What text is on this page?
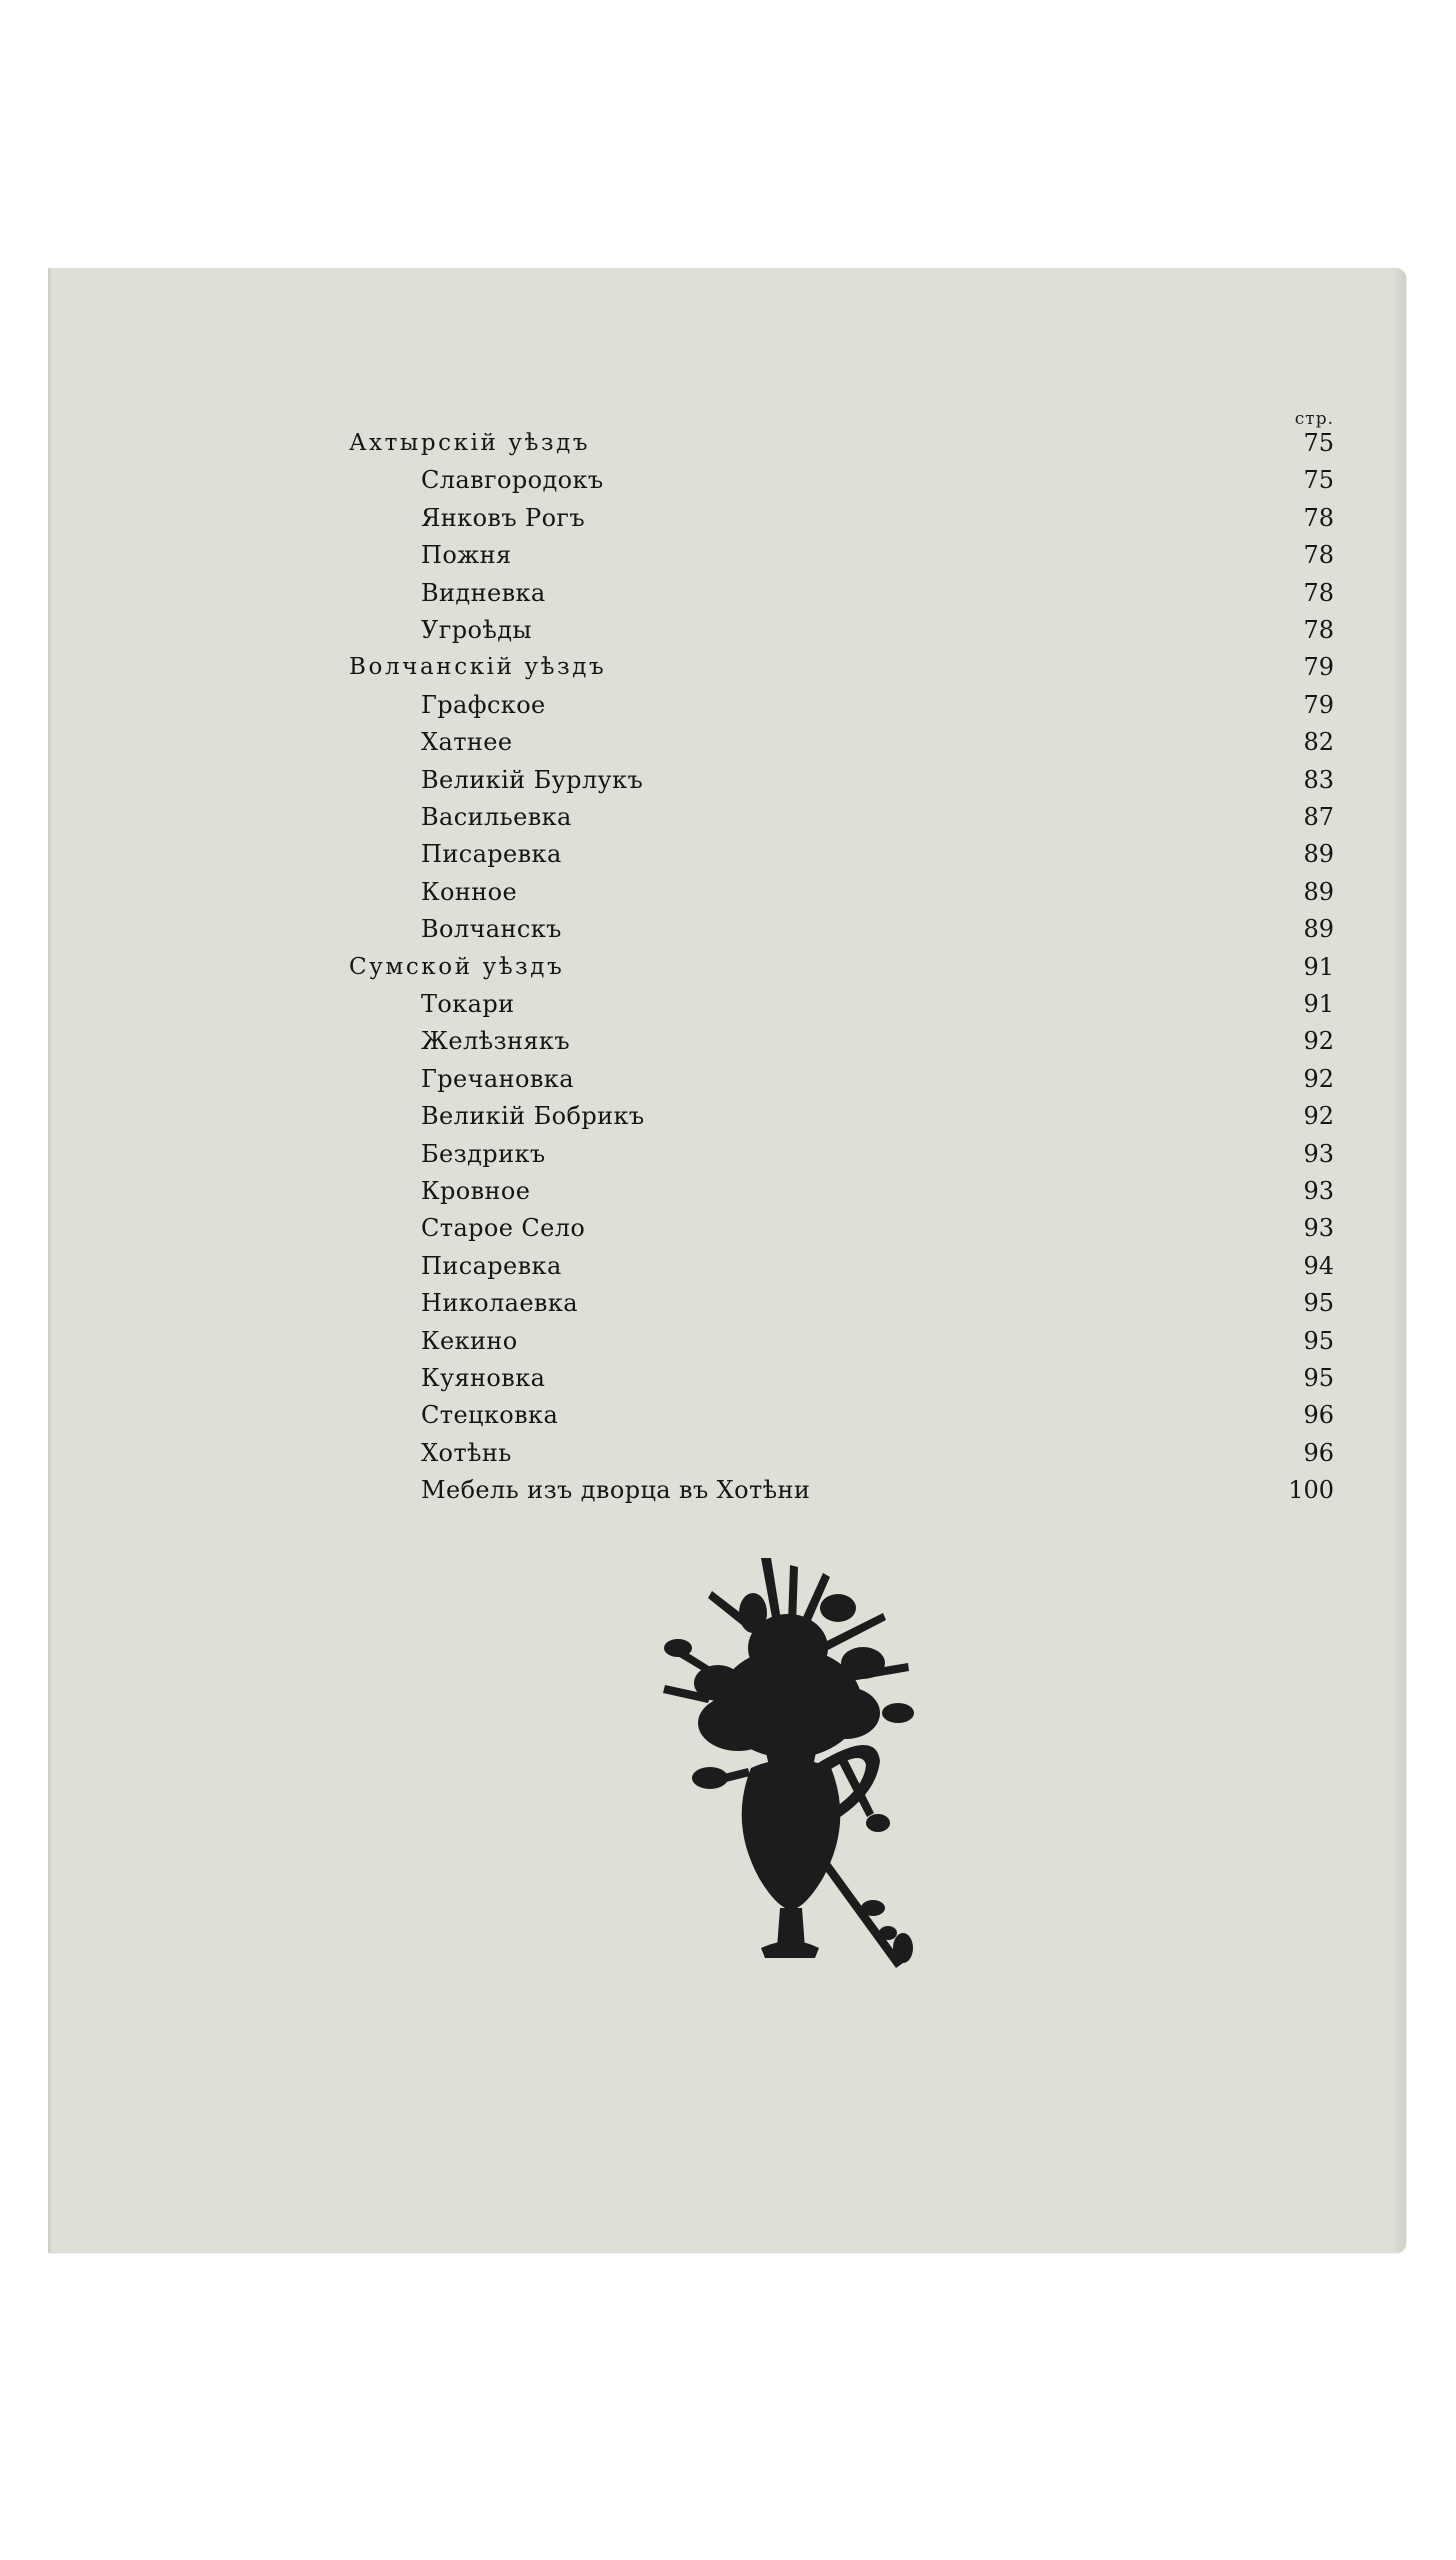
стр.
Ахтырскій уѣздъ	75
Славгородокъ	75
Янковъ Рогъ	78
Пожня	78
Видневка	78
Угроѣды	78
Волчанскій уѣздъ	79
Графское	79
Хатнее	82
Великій Бурлукъ	83
Васильевка	87
Писаревка	89
Конное	89
Волчанскъ	89
Сумской уѣздъ	91
Токари	91
Желѣзнякъ	92
Гречановка	92
Великій Бобрикъ	92
Бездрикъ	93
Кровное	93
Старое Село	93
Писаревка	94
Николаевка	95
Кекино	95
Куяновка	95
Стецковка	96
Хотѣнь	96
Мебель изъ дворца въ Хотѣни	100
